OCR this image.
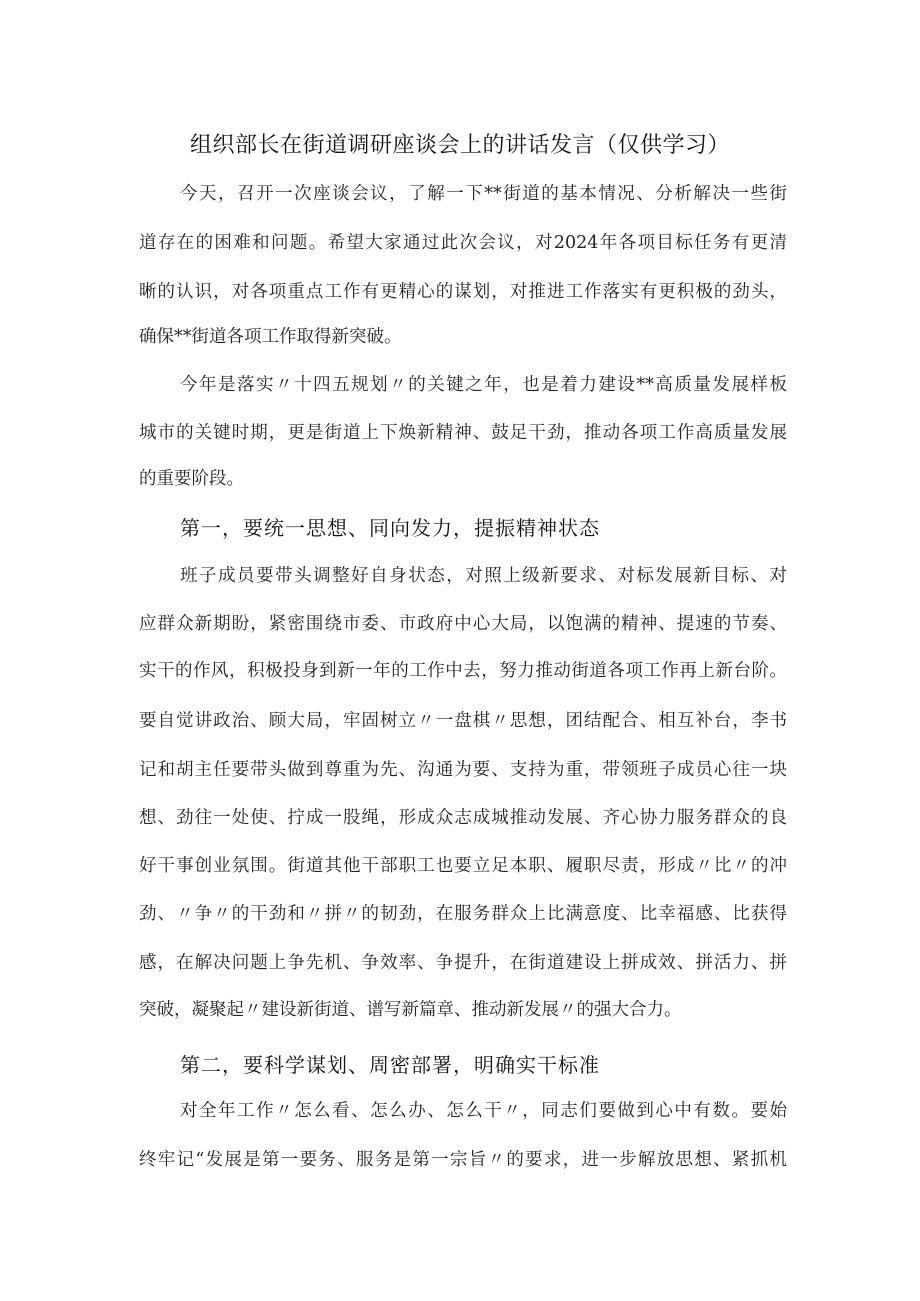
组织部长在街道调研座谈会上的讲话发言（仅供学习）
今天，召开一次座谈会议，了解一下**街道的基本情况、分析解决一些街
道存在的困难和问题。希望大家通过此次会议，对2024年各项目标任务有更清
晰的认识，对各项重点工作有更精心的谋划，对推进工作落实有更积极的劲头，
确保**街道各项工作取得新突破。
今年是落实〃十四五规划〃的关键之年，也是着力建设**高质量发展样板
城市的关键时期，更是街道上下焕新精神、鼓足干劲，推动各项工作高质量发展
的重要阶段。
第一，要统一思想、同向发力，提振精神状态
班子成员要带头调整好自身状态，对照上级新要求、对标发展新目标、对
应群众新期盼，紧密围绕市委、市政府中心大局，以饱满的精神、提速的节奏、
实干的作风，积极投身到新一年的工作中去，努力推动街道各项工作再上新台阶。
要自觉讲政治、顾大局，牢固树立〃一盘棋〃思想，团结配合、相互补台，李书
记和胡主任要带头做到尊重为先、沟通为要、支持为重，带领班子成员心往一块
想、劲往一处使、拧成一股绳，形成众志成城推动发展、齐心协力服务群众的良
好干事创业氛围。街道其他干部职工也要立足本职、履职尽责，形成〃比〃的冲
劲、〃争〃的干劲和〃拼〃的韧劲，在服务群众上比满意度、比幸福感、比获得
感，在解决问题上争先机、争效率、争提升，在街道建设上拼成效、拼活力、拼
突破，凝聚起〃建设新街道、谱写新篇章、推动新发展〃的强大合力。
第二，要科学谋划、周密部署，明确实干标准
对全年工作〃怎么看、怎么办、怎么干〃，同志们要做到心中有数。要始
终牢记“发展是第一要务、服务是第一宗旨〃的要求，进一步解放思想、紧抓机
